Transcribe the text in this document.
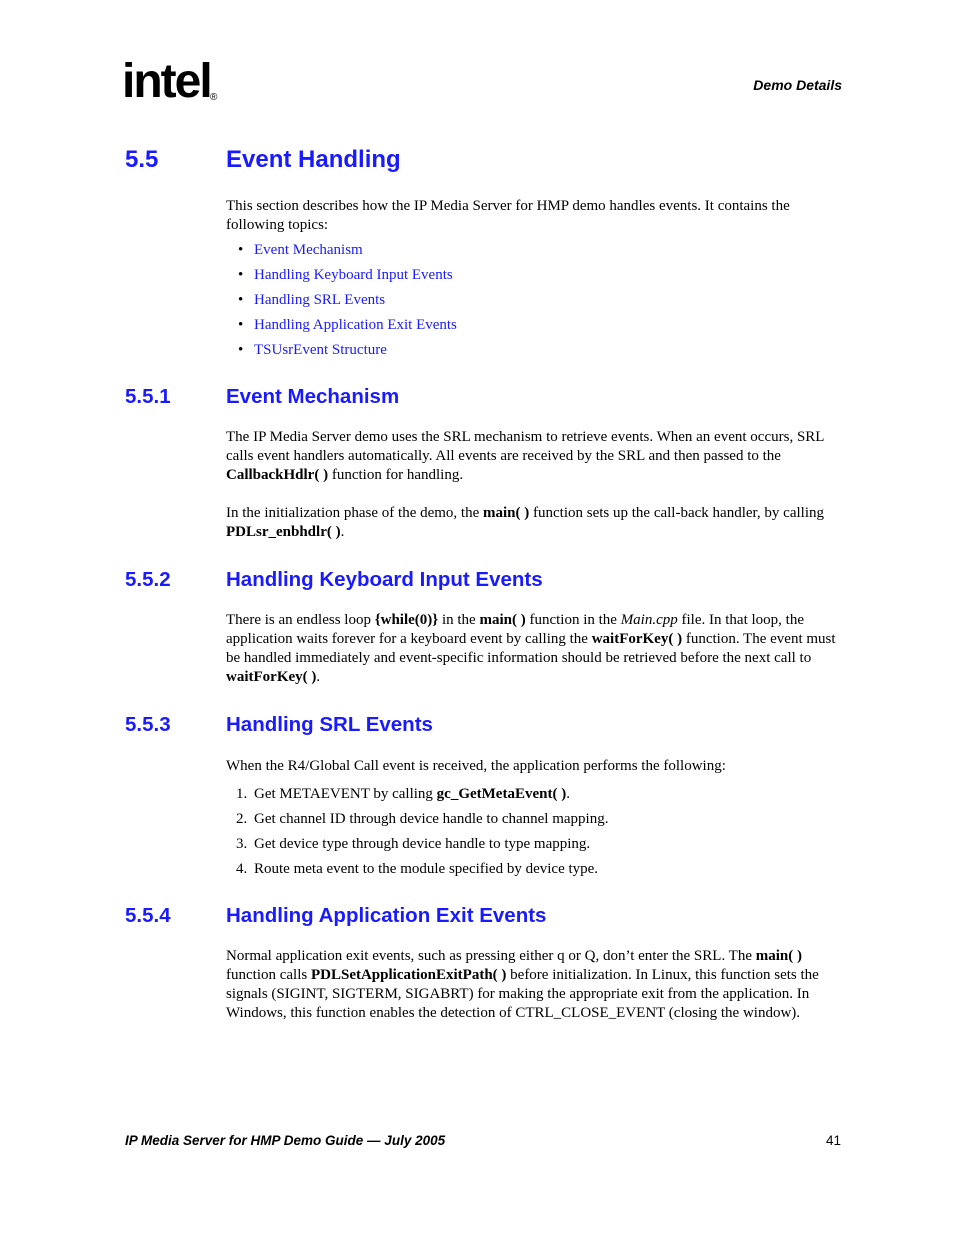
intel ®
Demo Details
5.5	Event Handling
This section describes how the IP Media Server for HMP demo handles events. It contains the following topics:
• Event Mechanism
• Handling Keyboard Input Events
• Handling SRL Events
• Handling Application Exit Events
• TSUsrEvent Structure
5.5.1	Event Mechanism
The IP Media Server demo uses the SRL mechanism to retrieve events. When an event occurs, SRL calls event handlers automatically. All events are received by the SRL and then passed to the CallbackHdlr( ) function for handling.
In the initialization phase of the demo, the main( ) function sets up the call-back handler, by calling PDLsr_enbhdlr( ).
5.5.2	Handling Keyboard Input Events
There is an endless loop {while(0)} in the main( ) function in the Main.cpp file. In that loop, the application waits forever for a keyboard event by calling the waitForKey( ) function. The event must be handled immediately and event-specific information should be retrieved before the next call to waitForKey( ).
5.5.3	Handling SRL Events
When the R4/Global Call event is received, the application performs the following:
1. Get METAEVENT by calling gc_GetMetaEvent( ).
2. Get channel ID through device handle to channel mapping.
3. Get device type through device handle to type mapping.
4. Route meta event to the module specified by device type.
5.5.4	Handling Application Exit Events
Normal application exit events, such as pressing either q or Q, don’t enter the SRL. The main( ) function calls PDLSetApplicationExitPath( ) before initialization. In Linux, this function sets the signals (SIGINT, SIGTERM, SIGABRT) for making the appropriate exit from the application. In Windows, this function enables the detection of CTRL_CLOSE_EVENT (closing the window).
IP Media Server for HMP Demo Guide — July 2005	41
